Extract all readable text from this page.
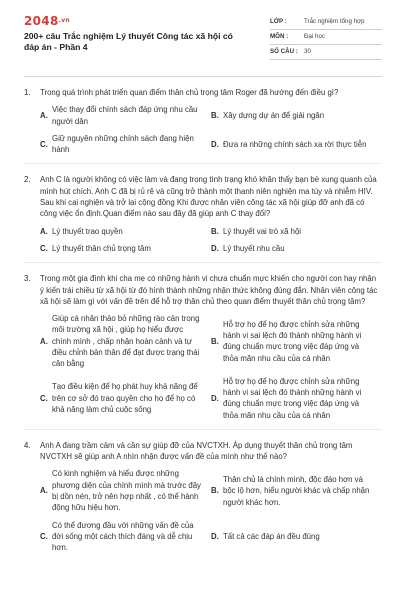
2048.vn
200+ câu Trắc nghiệm Lý thuyết Công tác xã hội có đáp án - Phần 4
LỚP :	Trắc nghiệm tổng hợp
MÔN :	Đại học
SỐ CÂU : 30
1.	Trong quá trình phát triển quan điểm thân chủ trọng tâm Roger đã hướng đến điều gì?
A.
Việc thay đổi chính sách đáp ứng nhu cầu người dân
B. Xây dựng dự án để giải ngân
C.
Giữ nguyên những chính sách đang hiện hành
D. Đưa ra những chính sách xa rời thực tiễn
2.	Anh C là người không có việc làm và đang trong tình trạng khó khăn thấy bạn bè xung quanh của mình hút chích. Anh C đã bị rủ rê và cũng trở thành một thanh niên nghiện ma túy và nhiễm HIV. Sau khi cai nghiện và trở lại cộng đồng Khi được nhân viên công tác xã hội giúp đỡ anh đã có công việc ổn định.Quan điểm nào sau đây đã giúp anh C thay đổi?
A. Lý thuyết trao quyền	B. Lý thuyết vai trò xã hội
C. Lý thuyết thân chủ trọng tâm	D. Lý thuyết nhu cầu
3.	Trong một gia đình khi cha mẹ có những hành vi chưa chuẩn mực khiến cho người con hay nhận ý kiến trái chiều từ xã hội từ đó hình thành những nhận thức không đúng đắn. Nhân viên công tác xã hội sẽ làm gì với vấn đề trên để hỗ trợ thân chủ theo quan điểm thuyết thân chủ trọng tâm?
A.
Giúp cá nhân thảo bỏ những rào cản trong môi trường xã hội , giúp họ hiểu được chính mình , chấp nhận hoàn cảnh và tự điều chỉnh bản thân để đạt được trạng thái cân bằng
B.
Hỗ trợ họ để họ được chỉnh sửa những hành vi sai lệch đó thành những hành vi đúng chuẩn mực trong việc đáp ứng và thỏa mãn nhu cầu của cá nhân
C.
Tạo điều kiện để họ phát huy khả năng để trên cơ sở đó trao quyền cho họ để họ có khả năng làm chủ cuộc sống
D.
Hỗ trợ họ để họ được chỉnh sửa những hành vi sai lệch đó thành những hành vi đúng chuẩn mực trong việc đáp ứng và thỏa mãn nhu cầu của cá nhân
4.	Anh A đang trầm cảm và cần sự giúp đỡ của NVCTXH. Áp dụng thuyết thân chủ trọng tâm NVCTXH sẽ giúp anh A nhìn nhận được vấn đề của mình như thế nào?
A.
Có kinh nghiệm và hiểu được những phương diện của chính mình mà trước đây bị dồn nén, trở nên hợp nhất , có thể hành động hữu hiệu hơn.
B.
Thân chủ là chính mình, độc đáo hơn và bộc lộ hơn, hiểu người khác và chấp nhận người khác hơn.
C.
Có thể đương đầu với những vấn đề của đời sống một cách thích đáng và dễ chịu hơn.
D. Tất cả các đáp án đều đúng
